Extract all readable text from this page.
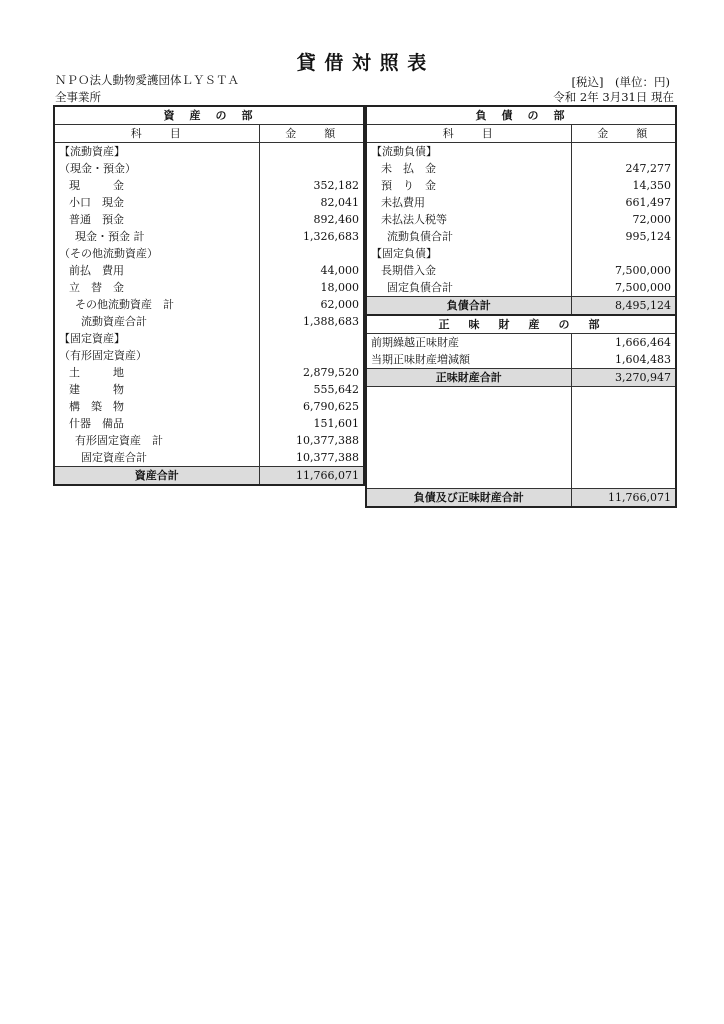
貸 借 対 照 表
ＮＰＯ法人動物愛護団体ＬＹＳＴＡ
全事業所
[税込]　(単位：円)
令和 2年 3月31日 現在
資　産　の　部	
科　　目	金　　額
【流動資産】	
（現金・預金）	
現　　　金	352,182
小口　現金	82,041
普通　預金	892,460
現金・預金 計	1,326,683
（その他流動資産）	
前払　費用	44,000
立　替　金	18,000
その他流動資産　計	62,000
流動資産合計	1,388,683
【固定資産】	
（有形固定資産）	
土　　　地	2,879,520
建　　　物	555,642
構　築　物	6,790,625
什器　備品	151,601
有形固定資産　計	10,377,388
固定資産合計	10,377,388
資産合計	11,766,071
負　債　の　部	
科　　目	金　　額
【流動負債】	
未　払　金	247,277
預　り　金	14,350
未払費用	661,497
未払法人税等	72,000
流動負債合計	995,124
【固定負債】	
長期借入金	7,500,000
固定負債合計	7,500,000
負債合計	8,495,124
正　味　財　産　の　部	
前期繰越正味財産	1,666,464
当期正味財産増減額	1,604,483
正味財産合計	3,270,947

負債及び正味財産合計	11,766,071
